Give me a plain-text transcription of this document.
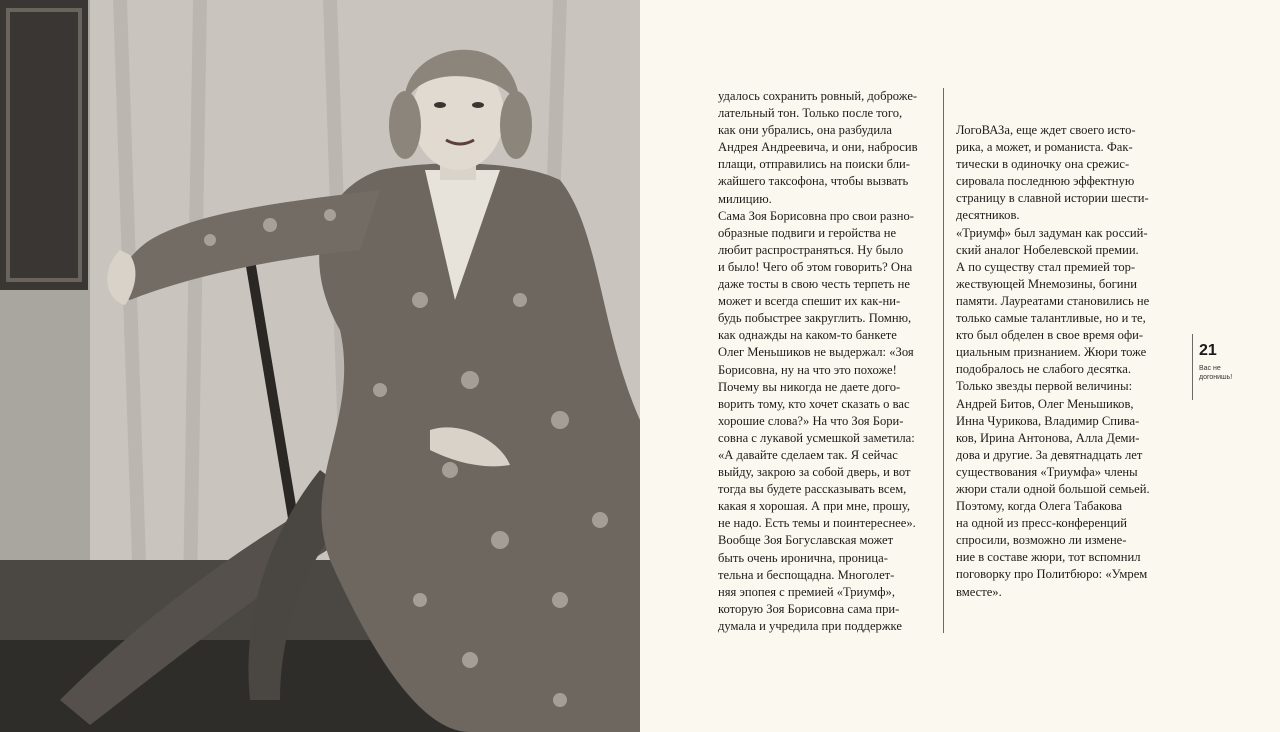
удалось сохранить ровный, доброже-
лательный тон. Только после того,
как они убрались, она разбудила
Андрея Андреевича, и они, набросив
плащи, отправились на поиски бли-
жайшего таксофона, чтобы вызвать
милицию.
Сама Зоя Борисовна про свои разно-
образные подвиги и геройства не
любит распространяться. Ну было
и было! Чего об этом говорить? Она
даже тосты в свою честь терпеть не
может и всегда спешит их как-ни-
будь побыстрее закруглить. Помню,
как однажды на каком-то банкете
Олег Меньшиков не выдержал: «Зоя
Борисовна, ну на что это похоже!
Почему вы никогда не даете дого-
ворить тому, кто хочет сказать о вас
хорошие слова?» На что Зоя Бори-
совна с лукавой усмешкой заметила:
«А давайте сделаем так. Я сейчас
выйду, закрою за собой дверь, и вот
тогда вы будете рассказывать всем,
какая я хорошая. А при мне, прошу,
не надо. Есть темы и поинтереснее».
Вообще Зоя Богуславская может
быть очень иронична, проница-
тельна и беспощадна. Многолет-
няя эпопея с премией «Триумф»,
которую Зоя Борисовна сама при-
думала и учредила при поддержке
ЛогоВАЗа, еще ждет своего исто-
рика, а может, и романиста. Фак-
тически в одиночку она срежис-
сировала последнюю эффектную
страницу в славной истории шести-
десятников.
«Триумф» был задуман как россий-
ский аналог Нобелевской премии.
А по существу стал премией тор-
жествующей Мнемозины, богини
памяти. Лауреатами становились не
только самые талантливые, но и те,
кто был обделен в свое время офи-
циальным признанием. Жюри тоже
подобралось не слабого десятка.
Только звезды первой величины:
Андрей Битов, Олег Меньшиков,
Инна Чурикова, Владимир Спива-
ков, Ирина Антонова, Алла Деми-
дова и другие. За девятнадцать лет
существования «Триумфа» члены
жюри стали одной большой семьей.
Поэтому, когда Олега Табакова
на одной из пресс-конференций
спросили, возможно ли измене-
ние в составе жюри, тот вспомнил
поговорку про Политбюро: «Умрем
вместе».
21
Вас не догонишь!
